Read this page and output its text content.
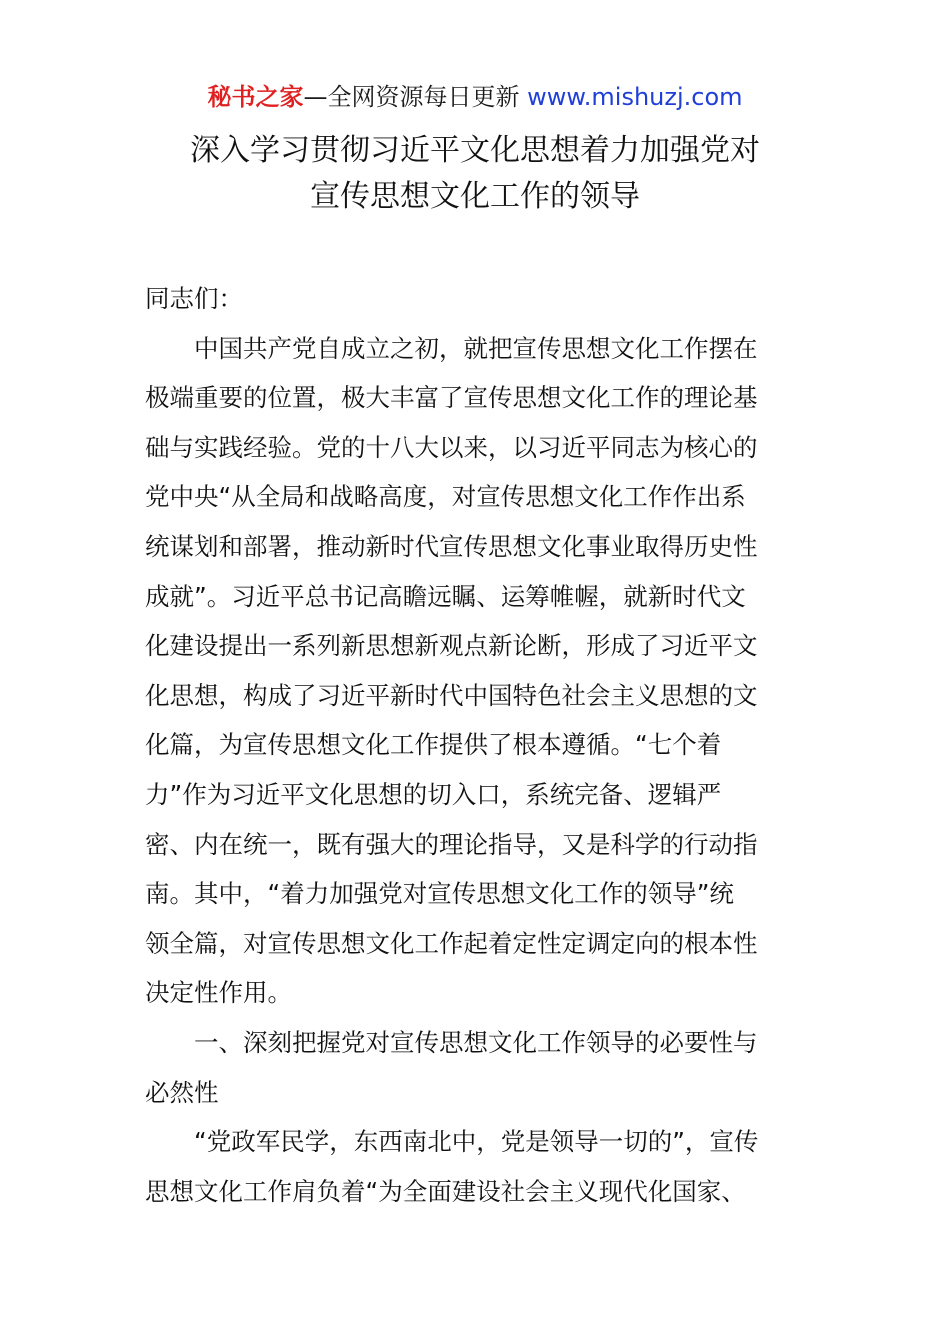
秘书之家—全网资源每日更新 www.mishuzj.com
深入学习贯彻习近平文化思想着力加强党对
宣传思想文化工作的领导
同志们：
中国共产党自成立之初，就把宣传思想文化工作摆在
极端重要的位置，极大丰富了宣传思想文化工作的理论基
础与实践经验。党的十八大以来，以习近平同志为核心的
党中央“从全局和战略高度，对宣传思想文化工作作出系
统谋划和部署，推动新时代宣传思想文化事业取得历史性
成就”。习近平总书记高瞻远瞩、运筹帷幄，就新时代文
化建设提出一系列新思想新观点新论断，形成了习近平文
化思想，构成了习近平新时代中国特色社会主义思想的文
化篇，为宣传思想文化工作提供了根本遵循。“七个着
力”作为习近平文化思想的切入口，系统完备、逻辑严
密、内在统一，既有强大的理论指导，又是科学的行动指
南。其中，“着力加强党对宣传思想文化工作的领导”统
领全篇，对宣传思想文化工作起着定性定调定向的根本性
决定性作用。
一、深刻把握党对宣传思想文化工作领导的必要性与
必然性
“党政军民学，东西南北中，党是领导一切的”，宣传
思想文化工作肩负着“为全面建设社会主义现代化国家、
